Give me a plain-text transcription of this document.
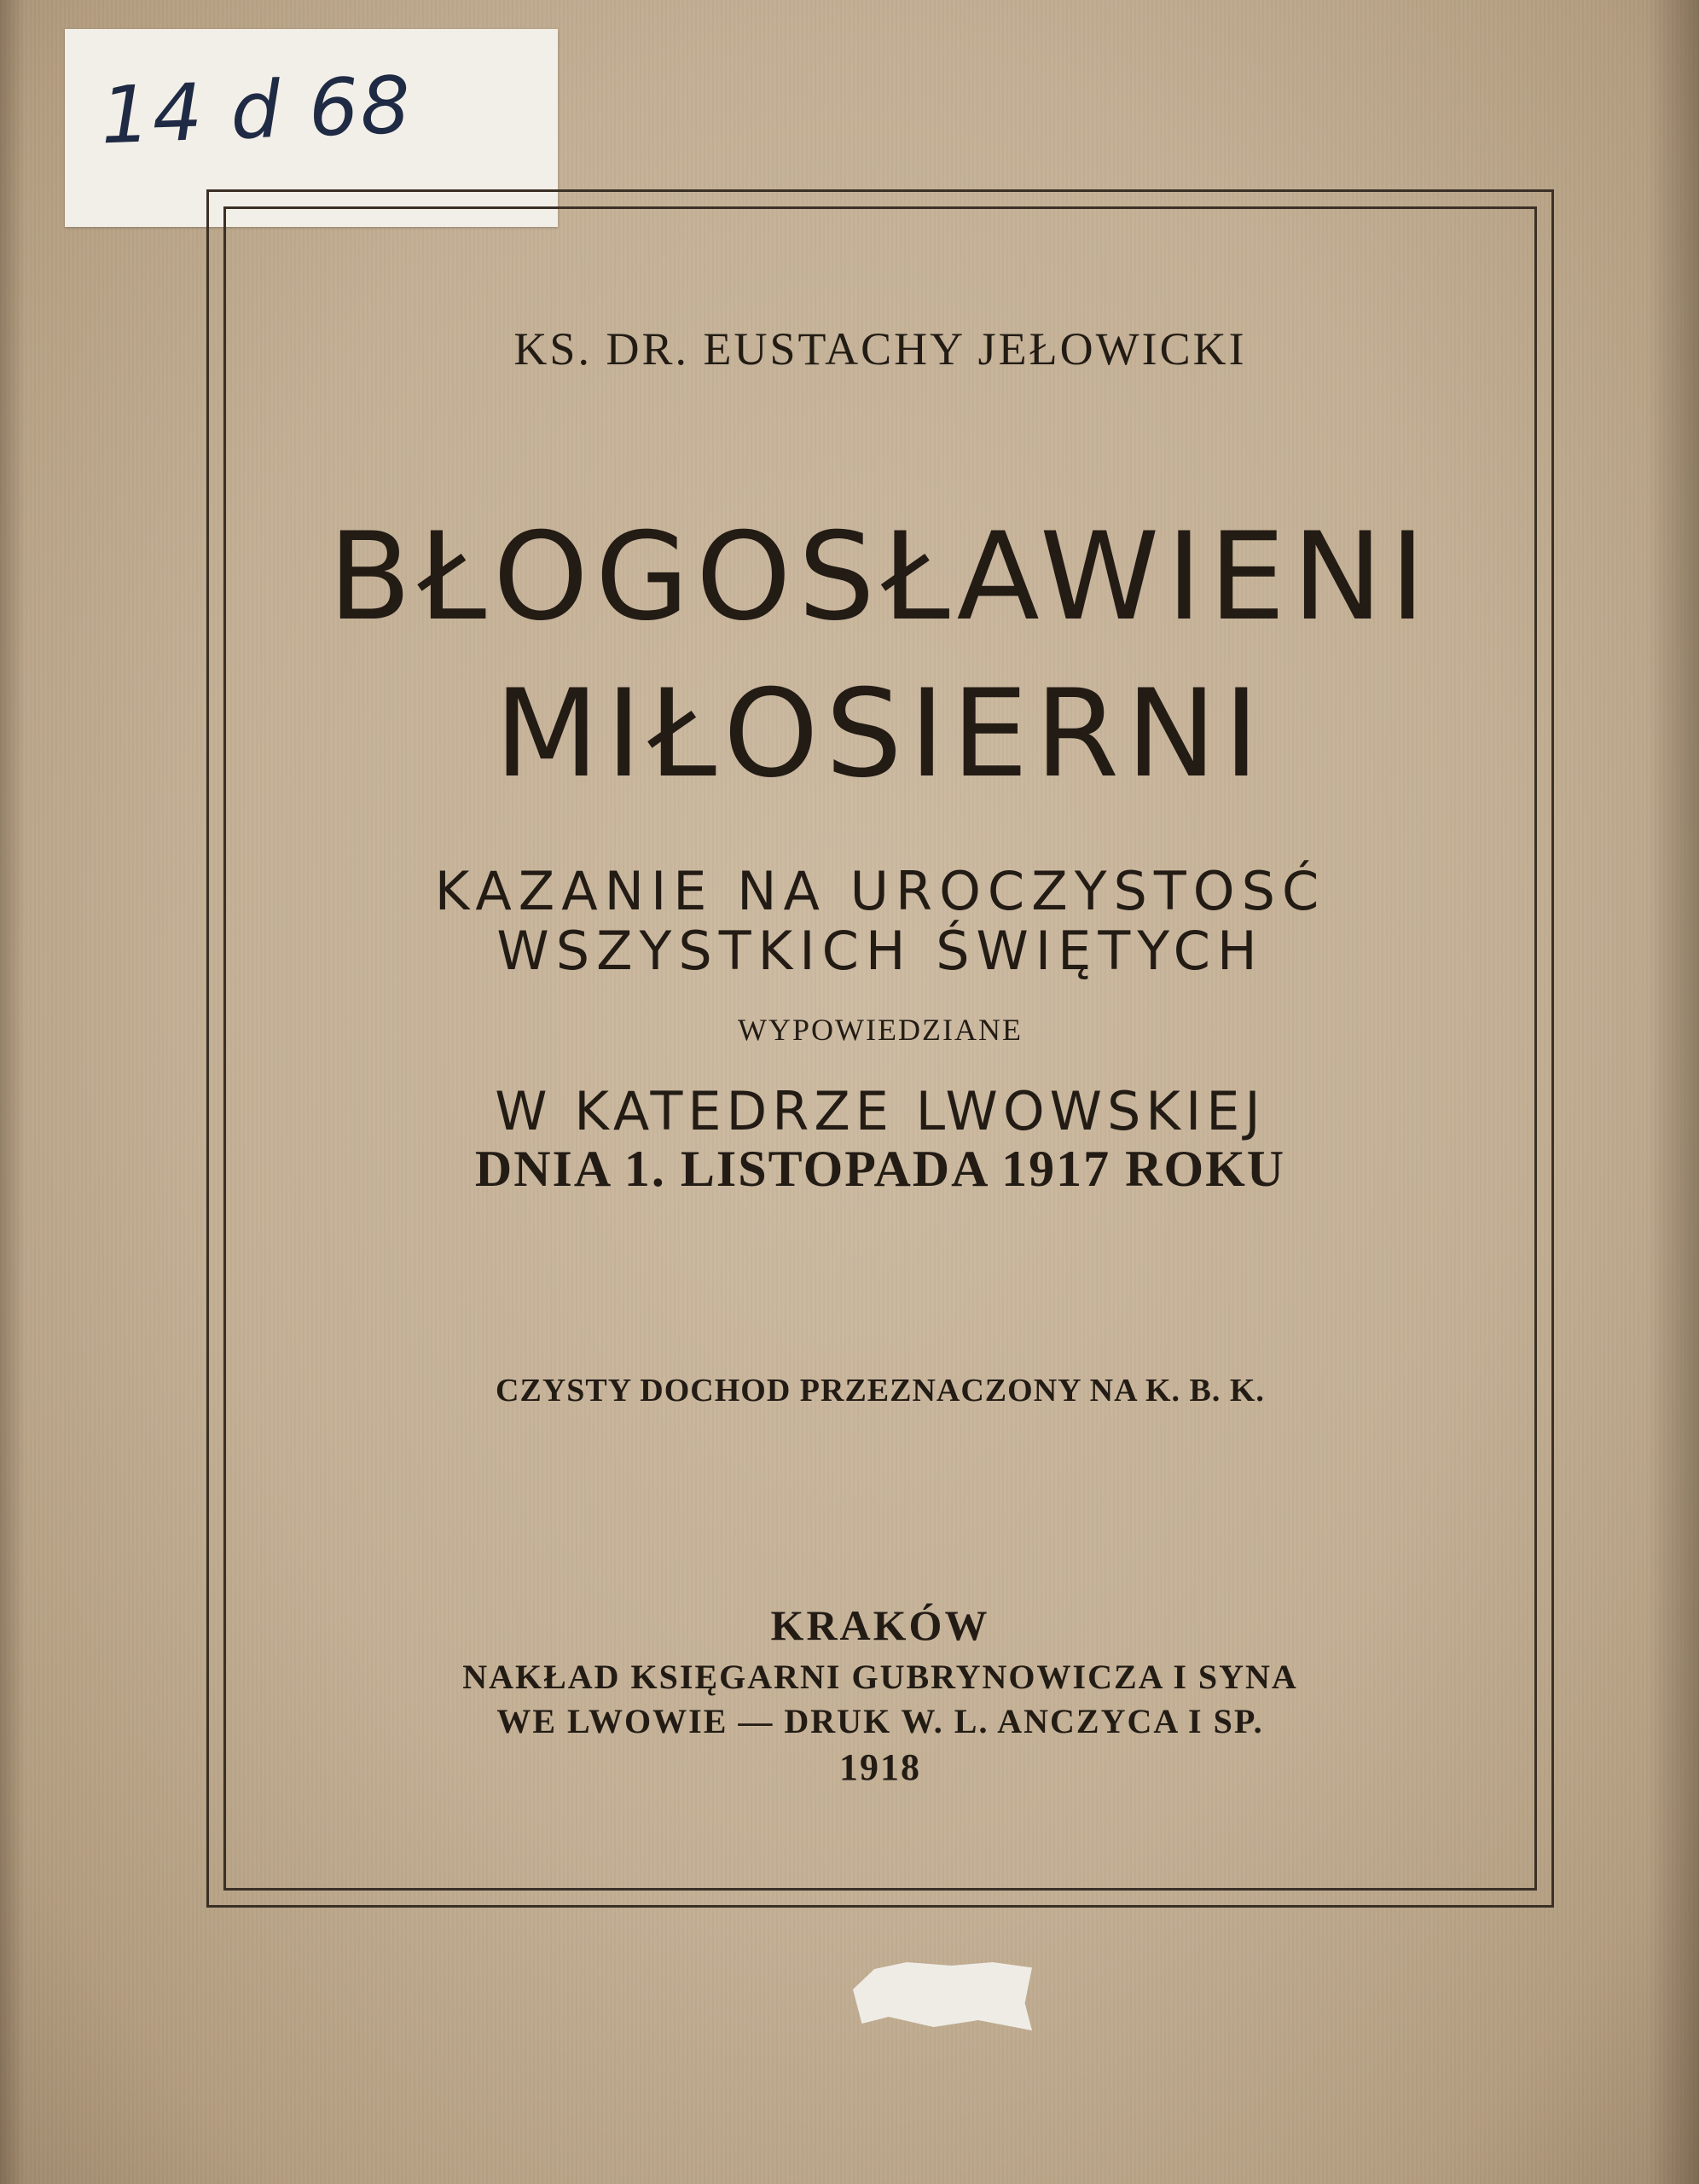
14 d 68
KS. DR. EUSTACHY JEŁOWICKI
BŁOGOSŁAWIENI
MIŁOSIERNI
KAZANIE NA UROCZYSTOSĆ
WSZYSTKICH ŚWIĘTYCH
WYPOWIEDZIANE
W KATEDRZE LWOWSKIEJ
DNIA 1. LISTOPADA 1917 ROKU
CZYSTY DOCHOD PRZEZNACZONY NA K. B. K.
KRAKÓW
NAKŁAD KSIĘGARNI GUBRYNOWICZA I SYNA
WE LWOWIE — DRUK W. L. ANCZYCA I SP.
1918
